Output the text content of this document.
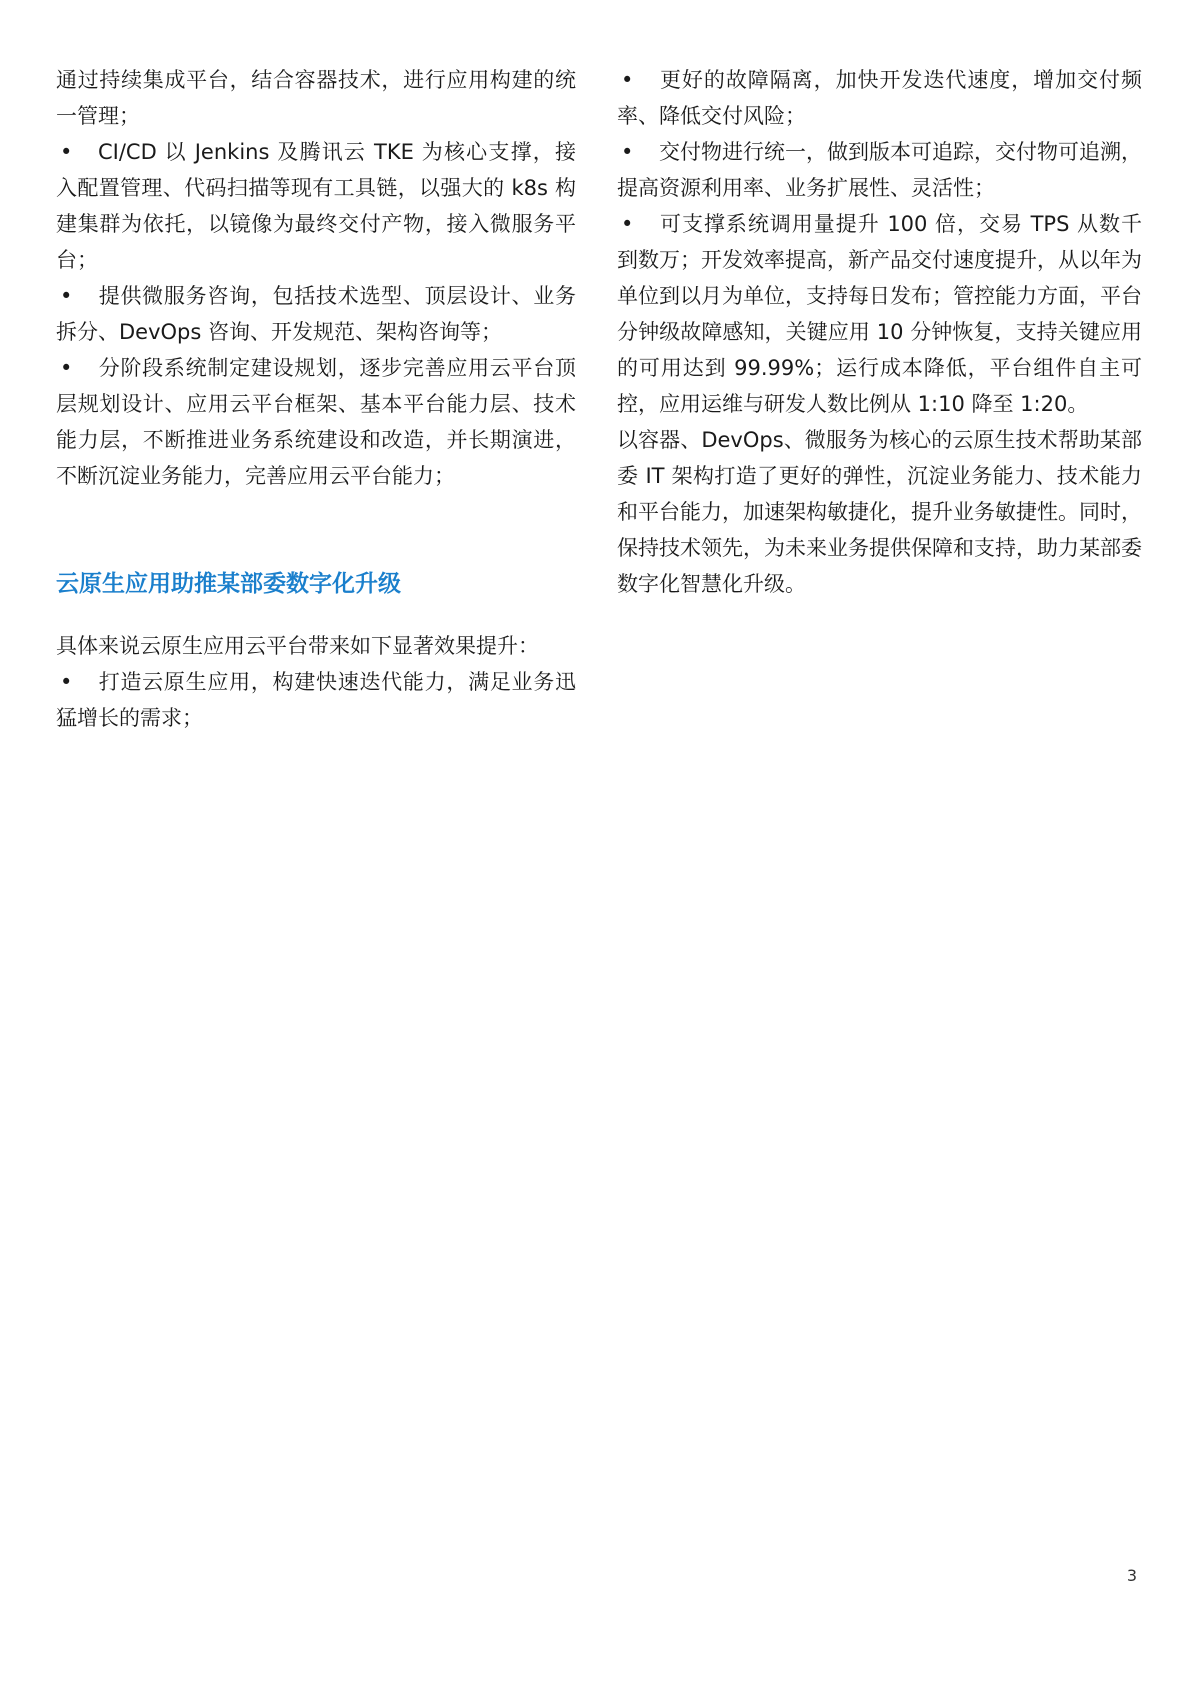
通过持续集成平台，结合容器技术，进行应用构建的统一管理；

• CI/CD 以 Jenkins 及腾讯云 TKE 为核心支撑，接入配置管理、代码扫描等现有工具链，以强大的 k8s 构建集群为依托，以镜像为最终交付产物，接入微服务平台；

• 提供微服务咨询，包括技术选型、顶层设计、业务拆分、DevOps 咨询、开发规范、架构咨询等；

• 分阶段系统制定建设规划，逐步完善应用云平台顶层规划设计、应用云平台框架、基本平台能力层、技术能力层，不断推进业务系统建设和改造，并长期演进，不断沉淀业务能力，完善应用云平台能力；

云原生应用助推某部委数字化升级

具体来说云原生应用云平台带来如下显著效果提升：

• 打造云原生应用，构建快速迭代能力，满足业务迅猛增长的需求；

• 更好的故障隔离，加快开发迭代速度，增加交付频率、降低交付风险；

• 交付物进行统一，做到版本可追踪，交付物可追溯，提高资源利用率、业务扩展性、灵活性；

• 可支撑系统调用量提升 100 倍，交易 TPS 从数千到数万；开发效率提高，新产品交付速度提升，从以年为单位到以月为单位，支持每日发布；管控能力方面，平台分钟级故障感知，关键应用 10 分钟恢复，支持关键应用的可用达到 99.99%；运行成本降低，平台组件自主可控，应用运维与研发人数比例从 1:10 降至 1:20。

以容器、DevOps、微服务为核心的云原生技术帮助某部委 IT 架构打造了更好的弹性，沉淀业务能力、技术能力和平台能力，加速架构敏捷化，提升业务敏捷性。同时，保持技术领先，为未来业务提供保障和支持，助力某部委数字化智慧化升级。

3
